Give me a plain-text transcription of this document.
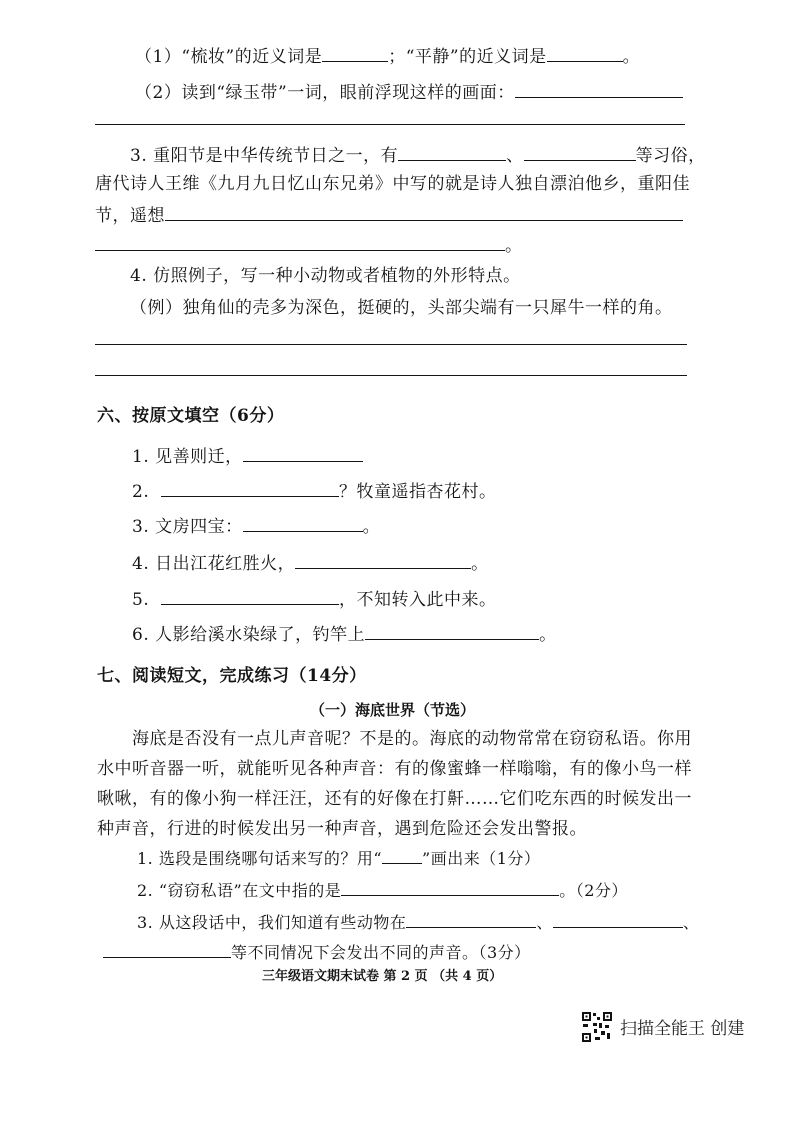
（1）“梳妆”的近义词是	；“平静”的近义词是	。
（2）读到“绿玉带”一词，眼前浮现这样的画面：
3. 重阳节是中华传统节日之一，有	、	等习俗，
唐代诗人王维《九月九日忆山东兄弟》中写的就是诗人独自漂泊他乡，重阳佳
节，遥想
。
4. 仿照例子，写一种小动物或者植物的外形特点。
（例）独角仙的壳多为深色，挺硬的，头部尖端有一只犀牛一样的角。
六、按原文填空（6分）
1. 见善则迁，
2.	？牧童遥指杏花村。
3. 文房四宝：	。
4. 日出江花红胜火，	。
5.	，不知转入此中来。
6. 人影给溪水染绿了，钓竿上	。
七、阅读短文，完成练习（14分）
（一）海底世界（节选）
海底是否没有一点儿声音呢？不是的。海底的动物常常在窃窃私语。你用
水中听音器一听，就能听见各种声音：有的像蜜蜂一样嗡嗡，有的像小鸟一样
啾啾，有的像小狗一样汪汪，还有的好像在打鼾……它们吃东西的时候发出一
种声音，行进的时候发出另一种声音，遇到危险还会发出警报。
1. 选段是围绕哪句话来写的？用“	”画出来（1分）
2. “窃窃私语”在文中指的是	。（2分）
3. 从这段话中，我们知道有些动物在	、	、
等不同情况下会发出不同的声音。（3分）
三年级语文期末试卷 第 2 页 （共 4 页）
扫描全能王 创建
